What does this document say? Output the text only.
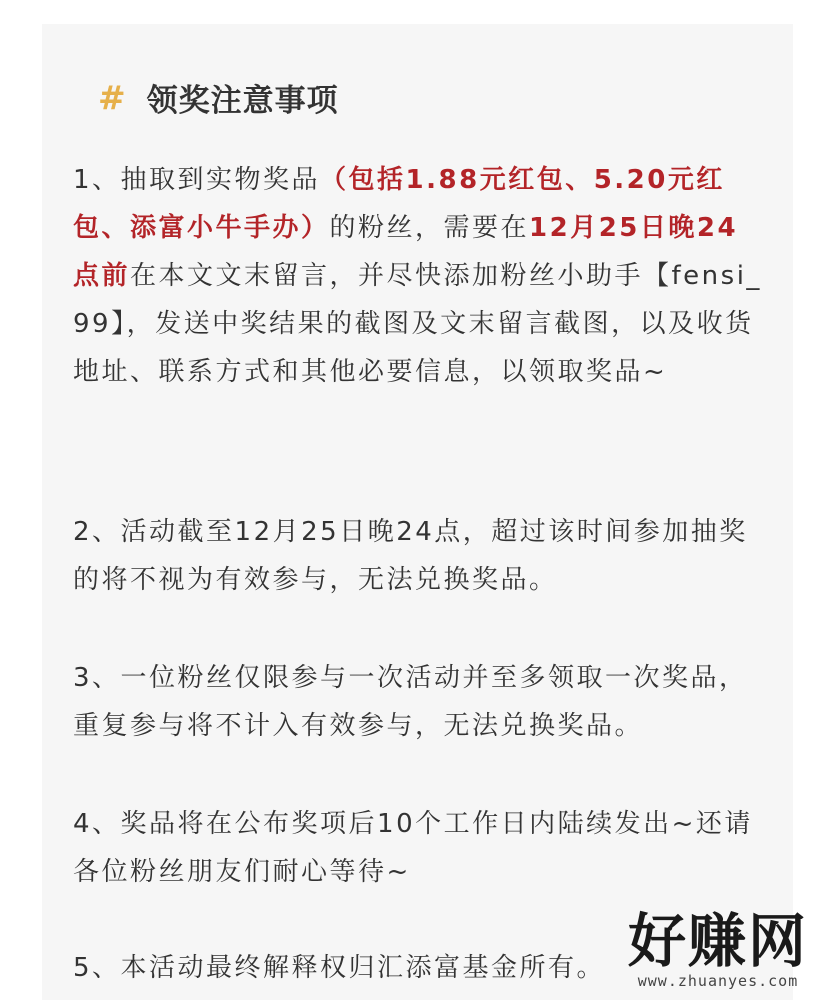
# 领奖注意事项
1、抽取到实物奖品（包括1.88元红包、5.20元红包、添富小牛手办）的粉丝，需要在12月25日晚24点前在本文文末留言，并尽快添加粉丝小助手【fensi_99】，发送中奖结果的截图及文末留言截图，以及收货地址、联系方式和其他必要信息，以领取奖品~
2、活动截至12月25日晚24点，超过该时间参加抽奖的将不视为有效参与，无法兑换奖品。
3、一位粉丝仅限参与一次活动并至多领取一次奖品， 重复参与将不计入有效参与，无法兑换奖品。
4、奖品将在公布奖项后10个工作日内陆续发出~还请各位粉丝朋友们耐心等待~
5、本活动最终解释权归汇添富基金所有。 好赚网
www.zhuanyes.com
